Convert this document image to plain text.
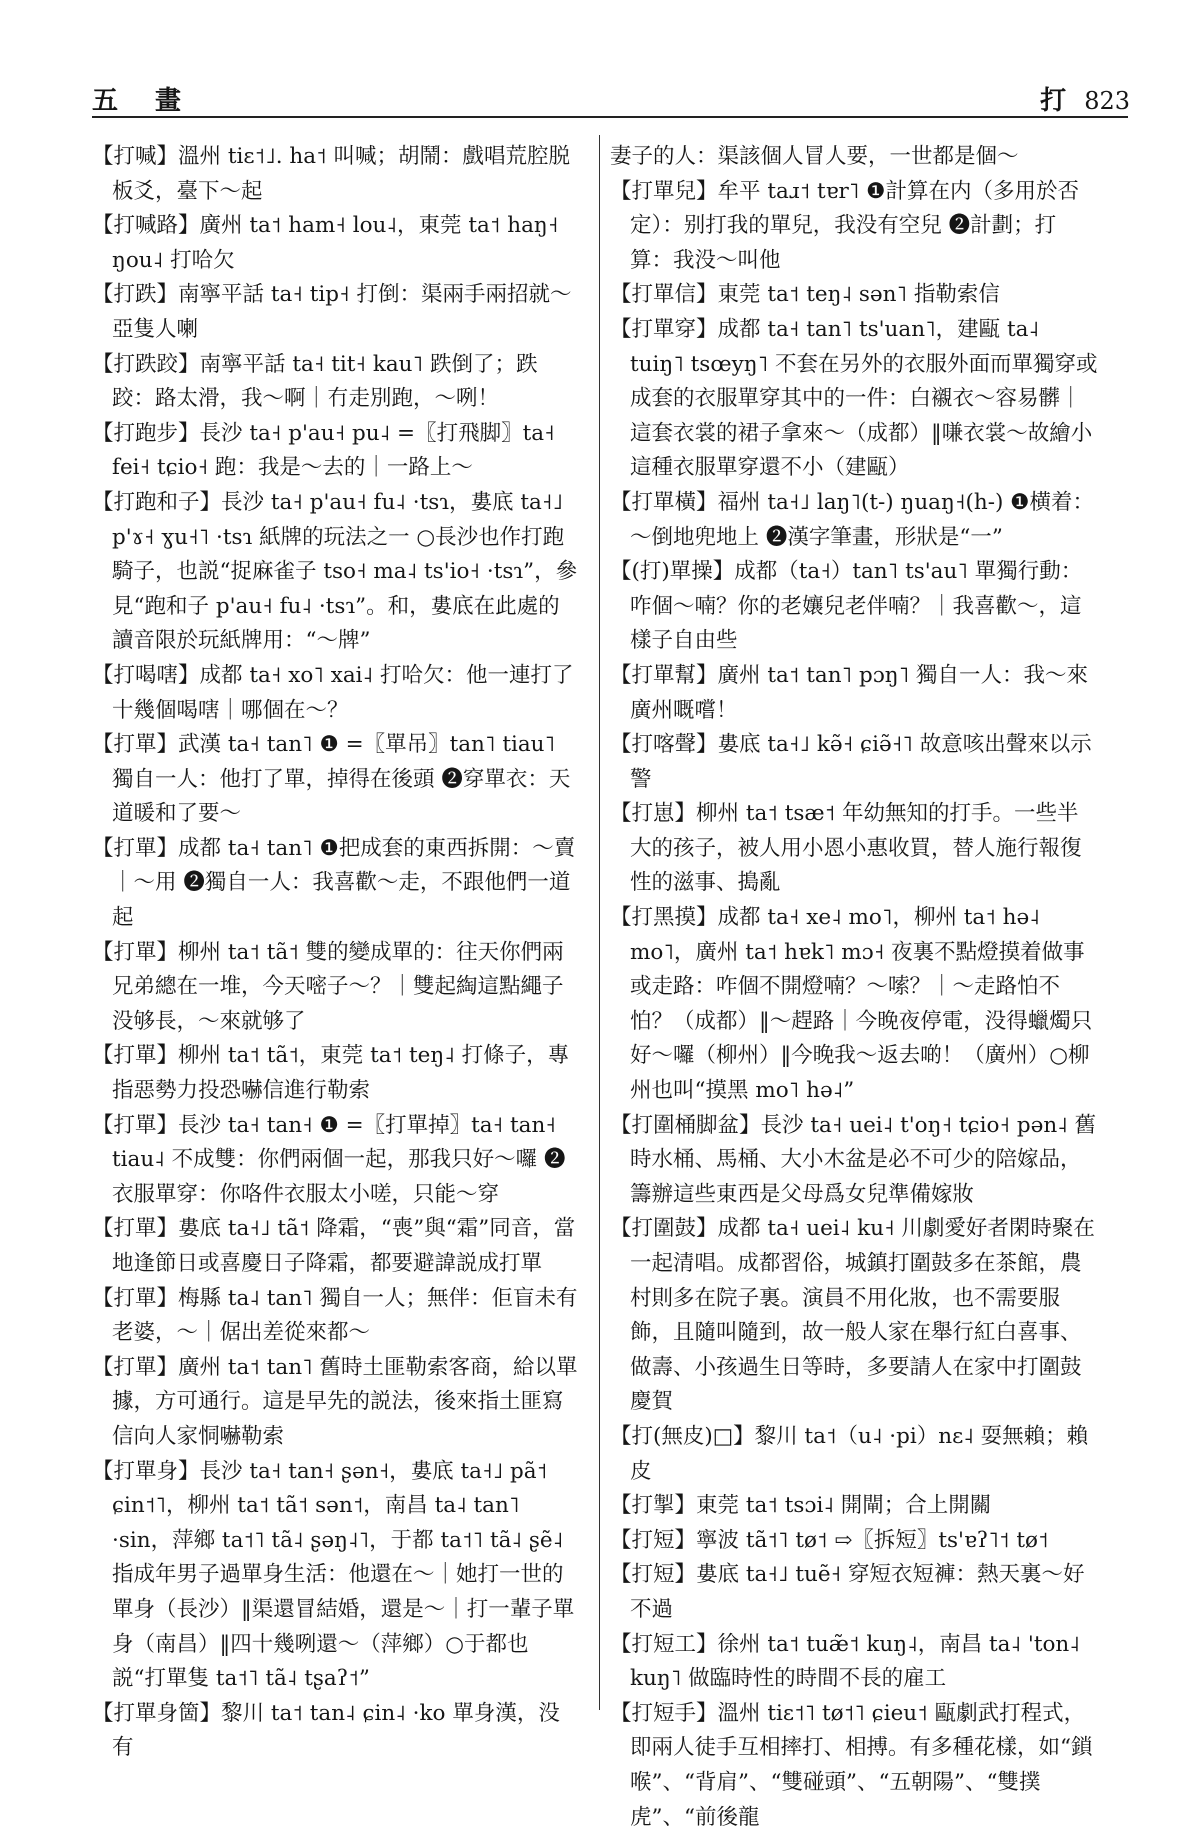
五 畫	打 823

【打喊】溫州 tiɛ˦˩. ha˦ 叫喊；胡鬧：戲唱荒腔脱板爻，臺下～起

【打喊路】廣州 ta˦ ham˧ lou˨，東莞 ta˦ haŋ˧ ŋou˨ 打哈欠

【打跌】南寧平話 ta˧ tip˧ 打倒：渠兩手兩招就～亞隻人喇

【打跌跤】南寧平話 ta˧ tit˧ kau˥ 跌倒了；跌跤：路太滑，我～啊｜冇走別跑，～咧！

【打跑步】長沙 ta˧ p'au˧ pu˨ =〖打飛脚〗ta˧ fei˧ tɕio˧ 跑：我是～去的｜一路上～

【打跑和子】長沙 ta˧ p'au˧ fu˨ ·tsɿ，婁底 ta˧˩ p'ɤ˧ ɣu˧˥ ·tsɿ 紙牌的玩法之一 ○長沙也作打跑騎子，也説“捉麻雀子 tso˧ ma˨ ts'io˧ ·tsɿ”，參見“跑和子 p'au˧ fu˨ ·tsɿ”。和，婁底在此處的讀音限於玩紙牌用：“～牌”

【打喝嗐】成都 ta˧ xo˥ xai˨ 打哈欠：他一連打了十幾個喝嗐｜哪個在～？

【打單】武漢 ta˧ tan˥ ❶ =〖單吊〗tan˥ tiau˥ 獨自一人：他打了單，掉得在後頭 ❷穿單衣：天道暖和了要～

【打單】成都 ta˧ tan˥ ❶把成套的東西拆開：～賣｜～用 ❷獨自一人：我喜歡～走，不跟他們一道起

【打單】柳州 ta˦ tã˦ 雙的變成單的：往天你們兩兄弟總在一堆，今天嘧子～？｜雙起綯這點繩子没够長，～來就够了

【打單】柳州 ta˦ tã˦，東莞 ta˦ teŋ˨ 打條子，專指惡勢力投恐嚇信進行勒索

【打單】長沙 ta˧ tan˧ ❶ =〖打單掉〗ta˧ tan˧ tiau˨ 不成雙：你們兩個一起，那我只好～囉 ❷衣服單穿：你咯件衣服太小嗟，只能～穿

【打單】婁底 ta˧˩ tã˦ 降霜，“喪”與“霜”同音，當地逢節日或喜慶日子降霜，都要避諱説成打單

【打單】梅縣 ta˨ tan˥ 獨自一人；無伴：佢盲未有老婆，～｜倨出差從來都～

【打單】廣州 ta˦ tan˥ 舊時土匪勒索客商，給以單據，方可通行。這是早先的説法，後來指土匪寫信向人家恫嚇勒索

【打單身】長沙 ta˧ tan˧ ʂən˧，婁底 ta˧˩ pã˦ ɕin˦˥，柳州 ta˦ tã˦ sən˦，南昌 ta˨ tan˥ ·sin，萍鄉 ta˦˥ tã˨ ʂəŋ˨˥，于都 ta˦˥ tã˨ ʂẽ˨ 指成年男子過單身生活：他還在～｜她打一世的單身（長沙）‖渠還冒結婚，還是～｜打一輩子單身（南昌）‖四十幾咧還～（萍鄉）○于都也説“打單隻 ta˦˥ tã˨ tʂaʔ˦”

【打單身箇】黎川 ta˦ tan˨ ɕin˨ ·ko 單身漢，没有

妻子的人：渠該個人冒人要，一世都是個～

【打單兒】牟平 taɹ˦ tɐr˥ ❶計算在内（多用於否定）：别打我的單兒，我没有空兒 ❷計劃；打算：我没～叫他

【打單信】東莞 ta˦ teŋ˨ sən˥ 指勒索信

【打單穿】成都 ta˧ tan˥ ts'uan˥，建甌 ta˨ tuiŋ˥ tsœyŋ˥ 不套在另外的衣服外面而單獨穿或成套的衣服單穿其中的一件：白襯衣～容易髒｜這套衣裳的裙子拿來～（成都）‖嗛衣裳～故繪小這種衣服單穿還不小（建甌）

【打單橫】福州 ta˧˩ laŋ˥(t-) ŋuaŋ˧(h-) ❶横着：～倒地兜地上 ❷漢字筆畫，形狀是“一”

【(打)單操】成都（ta˧）tan˥ ts'au˥ 單獨行動：咋個～喃？你的老孃兒老伴喃？｜我喜歡～，這樣子自由些

【打單幫】廣州 ta˦ tan˥ pɔŋ˥ 獨自一人：我～來廣州嘅嚐！

【打喀聲】婁底 ta˧˩ kə̃˧ ɕiə̃˧˥ 故意咳出聲來以示警

【打崽】柳州 ta˦ tsæ˦ 年幼無知的打手。一些半大的孩子，被人用小恩小惠收買，替人施行報復性的滋事、搗亂

【打黑摸】成都 ta˧ xe˨ mo˥，柳州 ta˦ hə˨ mo˥，廣州 ta˦ hɐk˥ mɔ˧ 夜裏不點燈摸着做事或走路：咋個不開燈喃？～嗦？｜～走路怕不怕？（成都）‖～趕路｜今晚夜停電，没得蠟燭只好～囉（柳州）‖今晚我～返去啲！（廣州）○柳州也叫“摸黑 mo˥ hə˨”

【打圍桶脚盆】長沙 ta˧ uei˨ t'oŋ˧ tɕio˧ pən˨ 舊時水桶、馬桶、大小木盆是必不可少的陪嫁品，籌辦這些東西是父母爲女兒準備嫁妝

【打圍鼓】成都 ta˧ uei˨ ku˧ 川劇愛好者閑時聚在一起清唱。成都習俗，城鎮打圍鼓多在茶館，農村則多在院子裏。演員不用化妝，也不需要服飾，且隨叫隨到，故一般人家在舉行紅白喜事、做壽、小孩過生日等時，多要請人在家中打圍鼓慶賀

【打(無皮)□】黎川 ta˦（u˨ ·pi）nɛ˨ 耍無賴；賴皮

【打掣】東莞 ta˦ tsɔi˨ 開閘；合上開關

【打短】寧波 tã˦˥ tø˦ ⇨〖拆短〗ts'ɐʔ˥˦ tø˦

【打短】婁底 ta˧˩ tuẽ˧ 穿短衣短褲：熱天裏～好不過

【打短工】徐州 ta˦ tuæ̃˦ kuŋ˨，南昌 ta˨ 'ton˨ kuŋ˥ 做臨時性的時間不長的雇工

【打短手】溫州 tiɛ˦˥ tø˦˥ ɕieu˦ 甌劇武打程式，即兩人徒手互相摔打、相搏。有多種花樣，如“鎖喉”、“背肩”、“雙碰頭”、“五朝陽”、“雙撲虎”、“前後龍
